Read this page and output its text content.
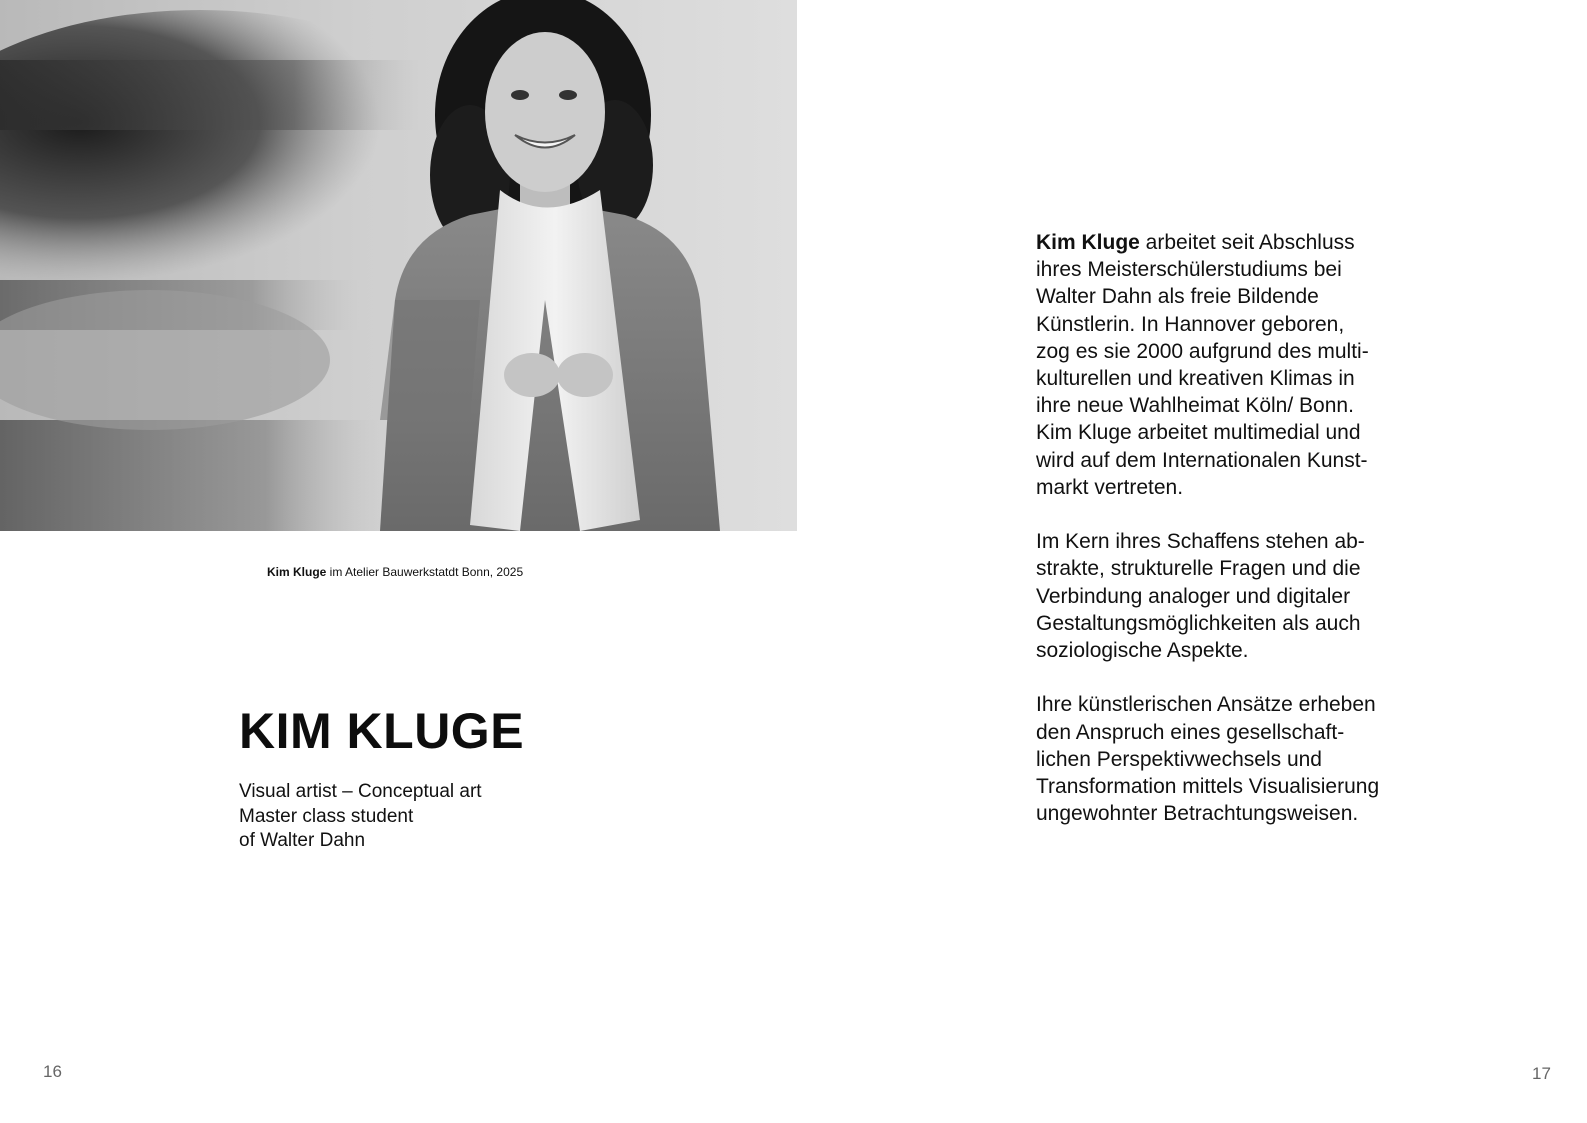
Kim Kluge im Atelier Bauwerkstatdt Bonn, 2025
KIM KLUGE
Visual artist – Conceptual art
Master class student
of Walter Dahn

Kim Kluge arbeitet seit Abschluss
ihres Meisterschülerstudiums bei
Walter Dahn als freie Bildende
Künstlerin. In Hannover geboren,
zog es sie 2000 aufgrund des multi-
kulturellen und kreativen Klimas in
ihre neue Wahlheimat Köln/ Bonn.
Kim Kluge arbeitet multimedial und
wird auf dem Internationalen Kunst-
markt vertreten.

Im Kern ihres Schaffens stehen ab-
strakte, strukturelle Fragen und die
Verbindung analoger und digitaler
Gestaltungsmöglichkeiten als auch
soziologische Aspekte.

Ihre künstlerischen Ansätze erheben
den Anspruch eines gesellschaft-
lichen Perspektivwechsels und
Transformation mittels Visualisierung
ungewohnter Betrachtungsweisen.

16	17
